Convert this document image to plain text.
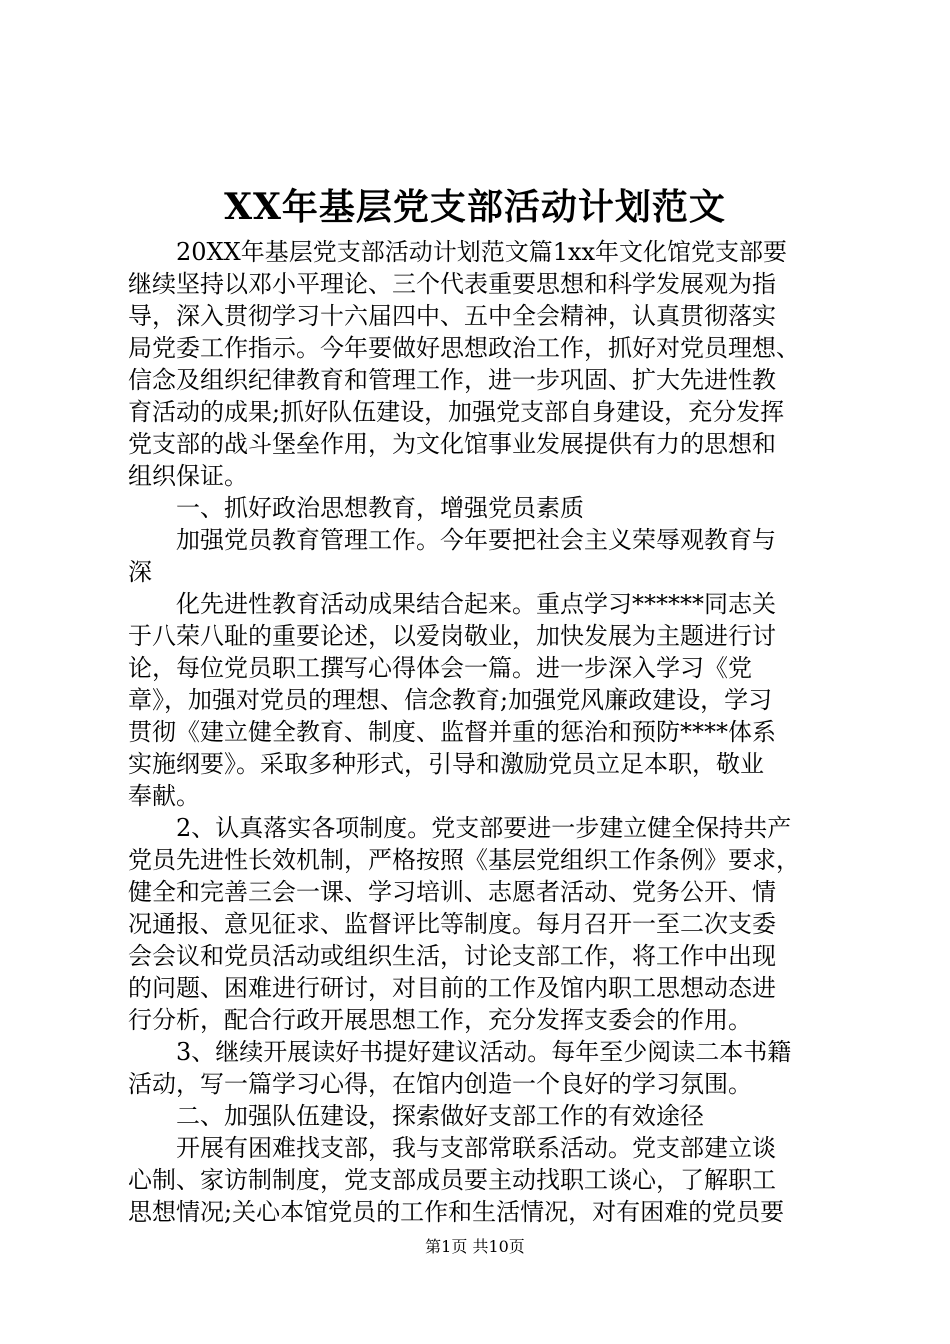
XX年基层党支部活动计划范文
　　20XX年基层党支部活动计划范文篇1xx年文化馆党支部要
继续坚持以邓小平理论、三个代表重要思想和科学发展观为指
导，深入贯彻学习十六届四中、五中全会精神，认真贯彻落实
局党委工作指示。今年要做好思想政治工作，抓好对党员理想、
信念及组织纪律教育和管理工作，进一步巩固、扩大先进性教
育活动的成果;抓好队伍建设，加强党支部自身建设，充分发挥
党支部的战斗堡垒作用，为文化馆事业发展提供有力的思想和
组织保证。
　　一、抓好政治思想教育，增强党员素质
　　加强党员教育管理工作。今年要把社会主义荣辱观教育与
深
　　化先进性教育活动成果结合起来。重点学习******同志关
于八荣八耻的重要论述，以爱岗敬业，加快发展为主题进行讨
论，每位党员职工撰写心得体会一篇。进一步深入学习《党
章》，加强对党员的理想、信念教育;加强党风廉政建设，学习
贯彻《建立健全教育、制度、监督并重的惩治和预防****体系
实施纲要》。采取多种形式，引导和激励党员立足本职，敬业
奉献。
　　2、认真落实各项制度。党支部要进一步建立健全保持共产
党员先进性长效机制，严格按照《基层党组织工作条例》要求，
健全和完善三会一课、学习培训、志愿者活动、党务公开、情
况通报、意见征求、监督评比等制度。每月召开一至二次支委
会会议和党员活动或组织生活，讨论支部工作，将工作中出现
的问题、困难进行研讨，对目前的工作及馆内职工思想动态进
行分析，配合行政开展思想工作，充分发挥支委会的作用。
　　3、继续开展读好书提好建议活动。每年至少阅读二本书籍
活动，写一篇学习心得，在馆内创造一个良好的学习氛围。
　　二、加强队伍建设，探索做好支部工作的有效途径
　　开展有困难找支部，我与支部常联系活动。党支部建立谈
心制、家访制制度，党支部成员要主动找职工谈心，了解职工
思想情况;关心本馆党员的工作和生活情况，对有困难的党员要
第1页 共10页
